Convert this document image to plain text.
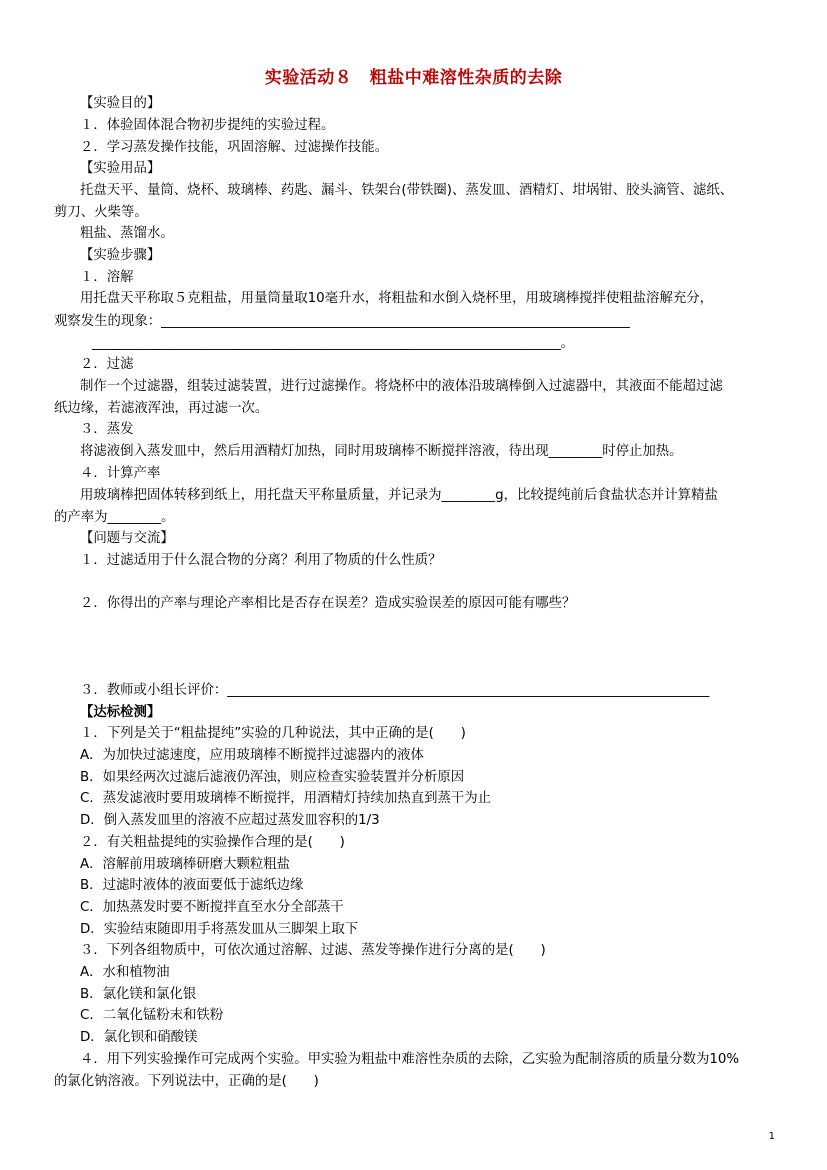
实验活动８　粗盐中难溶性杂质的去除
【实验目的】
１．体验固体混合物初步提纯的实验过程。
２．学习蒸发操作技能，巩固溶解、过滤操作技能。
【实验用品】
托盘天平、量筒、烧杯、玻璃棒、药匙、漏斗、铁架台(带铁圈)、蒸发皿、酒精灯、坩埚钳、胶头滴管、滤纸、
剪刀、火柴等。
粗盐、蒸馏水。
【实验步骤】
１．溶解
用托盘天平称取５克粗盐，用量筒量取10毫升水，将粗盐和水倒入烧杯里，用玻璃棒搅拌使粗盐溶解充分，
观察发生的现象：______________________________________________________________________
______________________________________________________________________。
２．过滤
制作一个过滤器，组装过滤装置，进行过滤操作。将烧杯中的液体沿玻璃棒倒入过滤器中，其液面不能超过滤
纸边缘，若滤液浑浊，再过滤一次。
３．蒸发
将滤液倒入蒸发皿中，然后用酒精灯加热，同时用玻璃棒不断搅拌溶液，待出现________时停止加热。
４．计算产率
用玻璃棒把固体转移到纸上，用托盘天平称量质量，并记录为________g，比较提纯前后食盐状态并计算精盐
的产率为________。
【问题与交流】
１．过滤适用于什么混合物的分离？利用了物质的什么性质？
２．你得出的产率与理论产率相比是否存在误差？造成实验误差的原因可能有哪些？
３．教师或小组长评价：________________________________________________________________________
【达标检测】
１．下列是关于“粗盐提纯”实验的几种说法，其中正确的是(　　)
A．为加快过滤速度，应用玻璃棒不断搅拌过滤器内的液体
B．如果经两次过滤后滤液仍浑浊，则应检查实验装置并分析原因
C．蒸发滤液时要用玻璃棒不断搅拌，用酒精灯持续加热直到蒸干为止
D．倒入蒸发皿里的溶液不应超过蒸发皿容积的1/3
２．有关粗盐提纯的实验操作合理的是(　　)
A．溶解前用玻璃棒研磨大颗粒粗盐
B．过滤时液体的液面要低于滤纸边缘
C．加热蒸发时要不断搅拌直至水分全部蒸干
D．实验结束随即用手将蒸发皿从三脚架上取下
３．下列各组物质中，可依次通过溶解、过滤、蒸发等操作进行分离的是(　　)
A．水和植物油
B．氯化镁和氯化银
C．二氧化锰粉末和铁粉
D．氯化钡和硝酸镁
４．用下列实验操作可完成两个实验。甲实验为粗盐中难溶性杂质的去除，乙实验为配制溶质的质量分数为10%
的氯化钠溶液。下列说法中，正确的是(　　)
1
